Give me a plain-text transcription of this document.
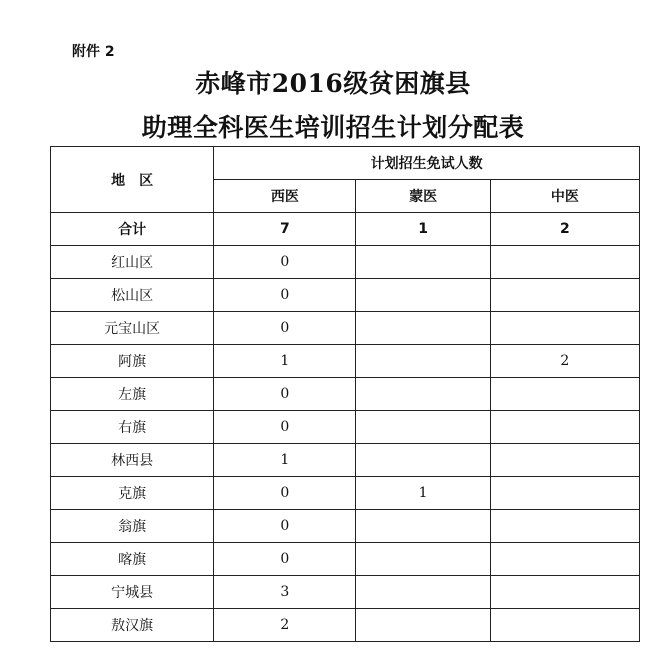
附件 2
赤峰市2016级贫困旗县
助理全科医生培训招生计划分配表
地　区	计划招生免试人数		
	西医	蒙医	中医
合计	7	1	2
红山区	0		
松山区	0		
元宝山区	0		
阿旗	1		2
左旗	0		
右旗	0		
林西县	1		
克旗	0	1	
翁旗	0		
喀旗	0		
宁城县	3		
敖汉旗	2		
